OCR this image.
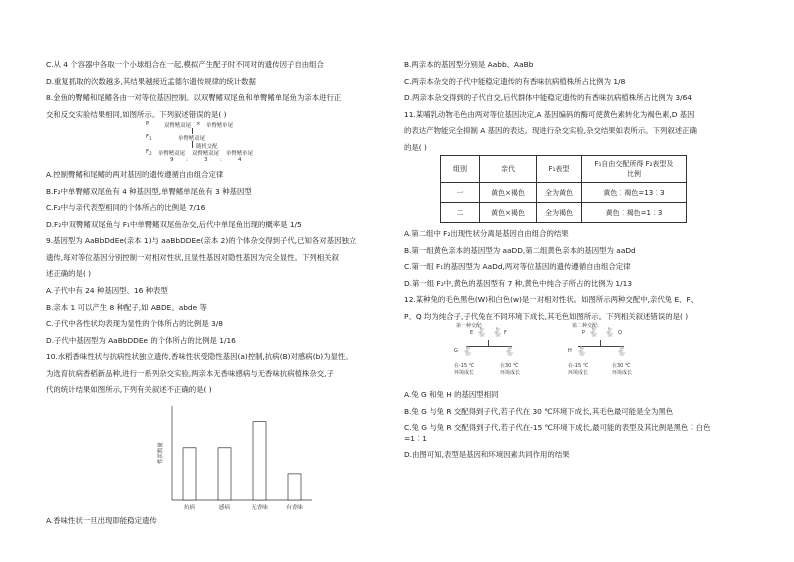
C.从 4 个容器中各取一个小球组合在一起,模拟产生配子时不同对的遗传因子自由组合
D.重复抓取的次数越多,其结果越接近孟德尔遗传规律的统计数据
8.金鱼的臀鳍和尾鳍各由一对等位基因控制。以双臀鳍双尾鱼和单臀鳍单尾鱼为亲本进行正
交和反交实验结果相同,如图所示。下列叙述错误的是( )
P	双臀鳍双尾 × 单臀鳍单尾
$F_1$	单臀鳍双尾
随机交配
$F_2$ 单臀鳍双尾 双臀鳍双尾 单臀鳍单尾
9 :	3 :	4
A.控制臀鳍和尾鳍的两对基因的遗传遵循自由组合定律
B.F₂中单臀鳍双尾鱼有 4 种基因型,单臀鳍单尾鱼有 3 种基因型
C.F₂中与亲代表型相同的个体所占的比例是 7/16
D.F₂中双臀鳍双尾鱼与 F₁中单臀鳍双尾鱼杂交,后代中单尾鱼出现的概率是 1/5
9.基因型为 AaBbDdEe(亲本 1)与 aaBbDDEe(亲本 2)的个体杂交得到子代,已知各对基因独立
遗传,每对等位基因分别控制一对相对性状,且显性基因对隐性基因为完全显性。下列相关叙
述正确的是( )
A.子代中有 24 种基因型、16 种表型
B.亲本 1 可以产生 8 种配子,如 ABDE、abde 等
C.子代中各性状均表现为显性的个体所占的比例是 3/8
D.子代中基因型为 AaBbDDEe 的个体所占的比例是 1/16
10.水稻香味性状与抗病性状独立遗传,香味性状受隐性基因(a)控制,抗病(B)对感病(b)为显性。
为选育抗病香稻新品种,进行一系列杂交实验,两亲本无香味感病与无香味抗病植株杂交,子
代的统计结果如图所示,下列有关叙述不正确的是( )
性状数量
抗病	感病	无香味	有香味
A.香味性状一旦出现即能稳定遗传
B.两亲本的基因型分别是 Aabb、AaBb
C.两亲本杂交的子代中能稳定遗传的有香味抗病植株所占比例为 1/8
D.两亲本杂交得到的子代自交,后代群体中能稳定遗传的有香味抗病植株所占比例为 3/64
11.某哺乳动物毛色由两对等位基因决定,A 基因编码的酶可使黄色素转化为褐色素,D 基因
的表达产物能完全抑制 A 基因的表达。现进行杂交实验,杂交结果如表所示。下列叙述正确
的是( )
组别	亲代	F₁表型	F₁自由交配所得 F₂表型及
比例

一	黄色×褐色	全为黄色	黄色︰褐色=13︰3
二	黄色×褐色	全为褐色	黄色︰褐色=1︰3
A.第二组中 F₂出现性状分离是基因自由组合的结果
B.第一组黄色亲本的基因型为 aaDD,第二组黄色亲本的基因型为 aaDd
C.第一组 F₁的基因型为 AaDd,两对等位基因的遗传遵循自由组合定律
D.第一组 F₂中,黄色的基因型有 7 种,黄色中纯合子所占的比例为 1/13
12.某种兔的毛色黑色(W)和白色(w)是一对相对性状。如图所示两种交配中,亲代兔 E、F、
P、Q 均为纯合子,子代兔在不同环境下成长,其毛色如图所示。下列相关叙述错误的是( )
第一种交配:	第二种交配:
E 🐇	F
🐇	P 🐇	Q
🐇
G 🐇	🐇	H 🐇	🐇
在-15 ℃
环境成长
在30 ℃
环境成长
在-15 ℃
环境成长
在30 ℃
环境成长
A.兔 G 和兔 H 的基因型相同
B.兔 G 与兔 R 交配得到子代,若子代在 30 ℃环境下成长,其毛色最可能是全为黑色
C.兔 G 与兔 R 交配得到子代,若子代在-15 ℃环境下成长,最可能的表型及其比例是黑色︰白色
=1︰1
D.由图可知,表型是基因和环境因素共同作用的结果
